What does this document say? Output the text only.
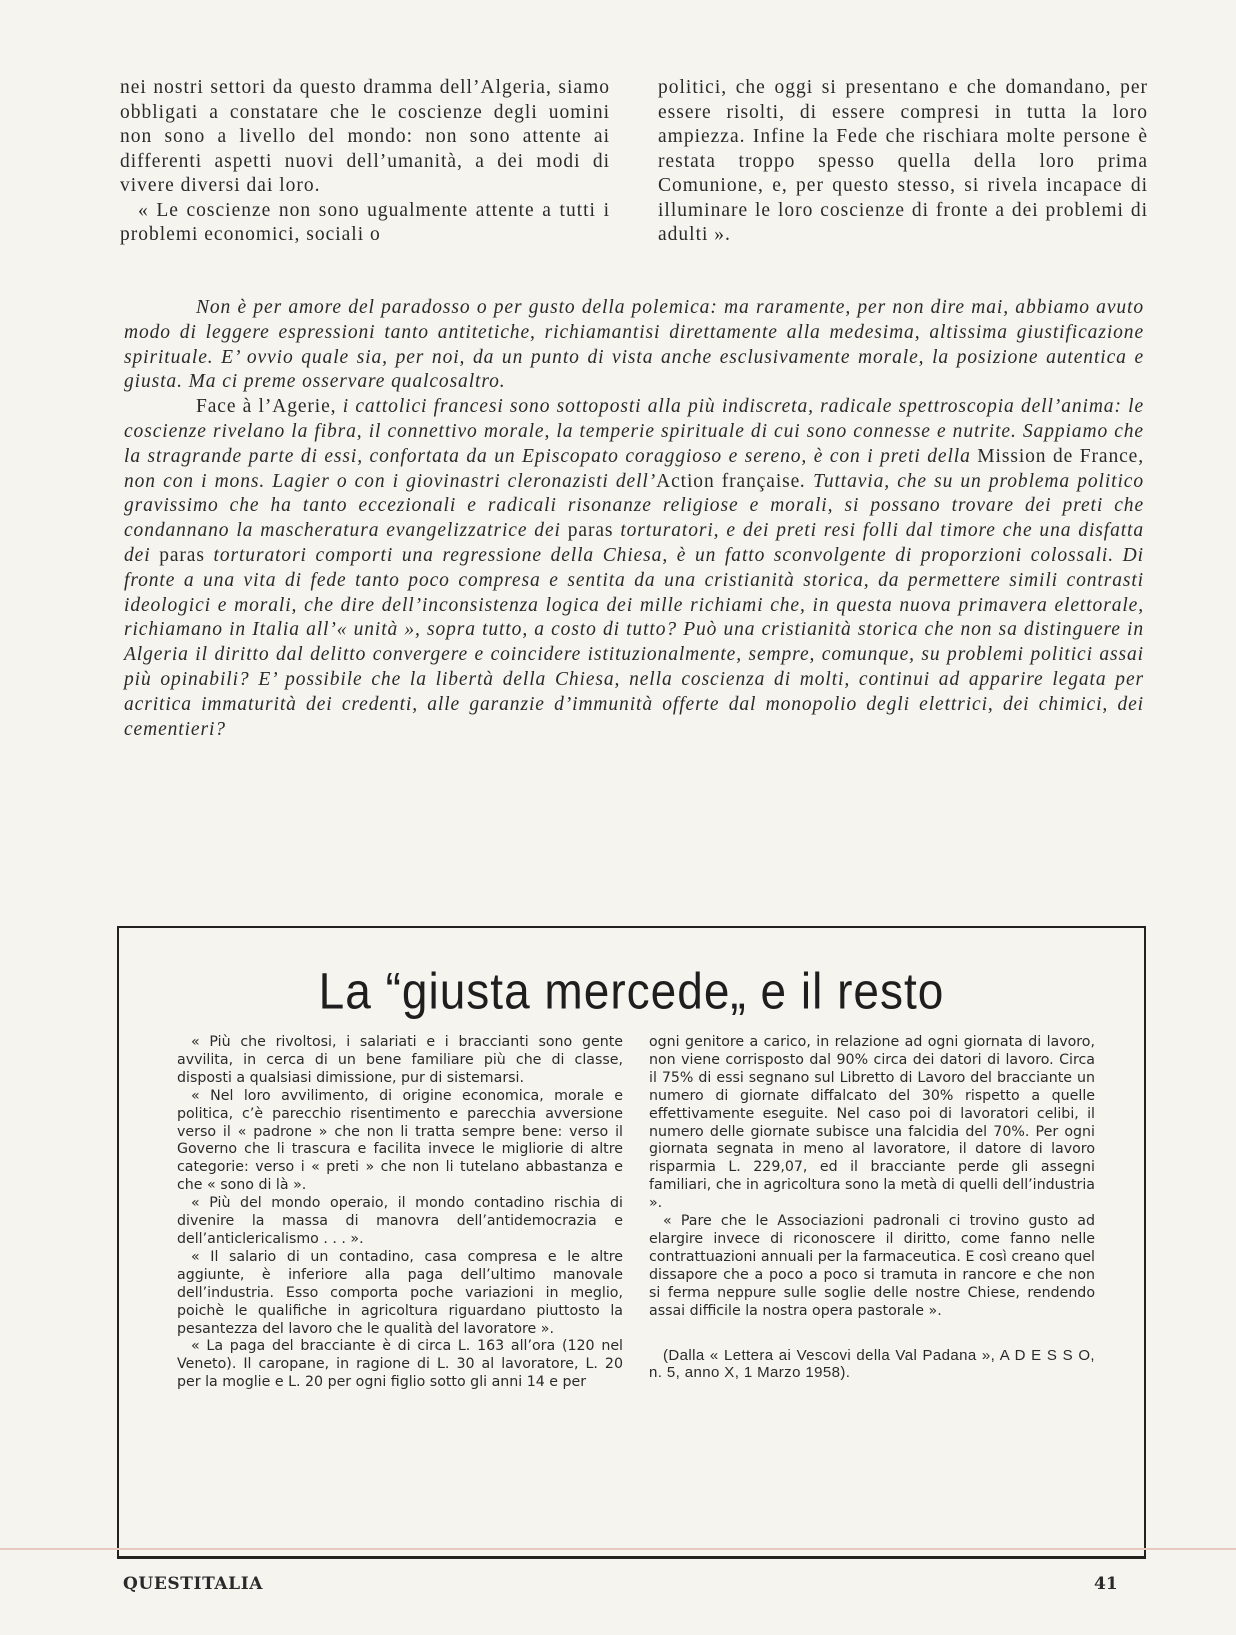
nei nostri settori da questo dramma dell’Algeria, siamo obbligati a constatare che le coscienze degli uomini non sono a livello del mondo: non sono attente ai differenti aspetti nuovi dell’umanità, a dei modi di vivere diversi dai loro.

« Le coscienze non sono ugualmente attente a tutti i problemi economici, sociali o

politici, che oggi si presentano e che domandano, per essere risolti, di essere compresi in tutta la loro ampiezza. Infine la Fede che rischiara molte persone è restata troppo spesso quella della loro prima Comunione, e, per questo stesso, si rivela incapace di illuminare le loro coscienze di fronte a dei problemi di adulti ».

Non è per amore del paradosso o per gusto della polemica: ma raramente, per non dire mai, abbiamo avuto modo di leggere espressioni tanto antitetiche, richiamantisi direttamente alla medesima, altissima giustificazione spirituale. E’ ovvio quale sia, per noi, da un punto di vista anche esclusivamente morale, la posizione autentica e giusta. Ma ci preme osservare qualcosaltro.

Face à l’Agerie, i cattolici francesi sono sottoposti alla più indiscreta, radicale spettroscopia dell’anima: le coscienze rivelano la fibra, il connettivo morale, la temperie spirituale di cui sono connesse e nutrite. Sappiamo che la stragrande parte di essi, confortata da un Episcopato coraggioso e sereno, è con i preti della Mission de France, non con i mons. Lagier o con i giovinastri cleronazisti dell’Action française. Tuttavia, che su un problema politico gravissimo che ha tanto eccezionali e radicali risonanze religiose e morali, si possano trovare dei preti che condannano la mascheratura evangelizzatrice dei paras torturatori, e dei preti resi folli dal timore che una disfatta dei paras torturatori comporti una regressione della Chiesa, è un fatto sconvolgente di proporzioni colossali. Di fronte a una vita di fede tanto poco compresa e sentita da una cristianità storica, da permettere simili contrasti ideologici e morali, che dire dell’inconsistenza logica dei mille richiami che, in questa nuova primavera elettorale, richiamano in Italia all’« unità », sopra tutto, a costo di tutto? Può una cristianità storica che non sa distinguere in Algeria il diritto dal delitto convergere e coincidere istituzionalmente, sempre, comunque, su problemi politici assai più opinabili? E’ possibile che la libertà della Chiesa, nella coscienza di molti, continui ad apparire legata per acritica immaturità dei credenti, alle garanzie d’immunità offerte dal monopolio degli elettrici, dei chimici, dei cementieri?

La “giusta mercede„ e il resto

« Più che rivoltosi, i salariati e i braccianti sono gente avvilita, in cerca di un bene familiare più che di classe, disposti a qualsiasi dimissione, pur di sistemarsi.

« Nel loro avvilimento, di origine economica, morale e politica, c’è parecchio risentimento e parecchia avversione verso il « padrone » che non li tratta sempre bene: verso il Governo che li trascura e facilita invece le migliorie di altre categorie: verso i « preti » che non li tutelano abbastanza e che « sono di là ».

« Più del mondo operaio, il mondo contadino rischia di divenire la massa di manovra dell’antidemocrazia e dell’anticlericalismo . . . ».

« Il salario di un contadino, casa compresa e le altre aggiunte, è inferiore alla paga dell’ultimo manovale dell’industria. Esso comporta poche variazioni in meglio, poichè le qualifiche in agricoltura riguardano piuttosto la pesantezza del lavoro che le qualità del lavoratore ».

« La paga del bracciante è di circa L. 163 all’ora (120 nel Veneto). Il caropane, in ragione di L. 30 al lavoratore, L. 20 per la moglie e L. 20 per ogni figlio sotto gli anni 14 e per

ogni genitore a carico, in relazione ad ogni giornata di lavoro, non viene corrisposto dal 90% circa dei datori di lavoro. Circa il 75% di essi segnano sul Libretto di Lavoro del bracciante un numero di giornate diffalcato del 30% rispetto a quelle effettivamente eseguite. Nel caso poi di lavoratori celibi, il numero delle giornate subisce una falcidia del 70%. Per ogni giornata segnata in meno al lavoratore, il datore di lavoro risparmia L. 229,07, ed il bracciante perde gli assegni familiari, che in agricoltura sono la metà di quelli dell’industria ».

« Pare che le Associazioni padronali ci trovino gusto ad elargire invece di riconoscere il diritto, come fanno nelle contrattuazioni annuali per la farmaceutica. E così creano quel dissapore che a poco a poco si tramuta in rancore e che non si ferma neppure sulle soglie delle nostre Chiese, rendendo assai difficile la nostra opera pastorale ».

(Dalla « Lettera ai Vescovi della Val Padana », A D E S S O, n. 5, anno X, 1 Marzo 1958).

QUESTITALIA	41
